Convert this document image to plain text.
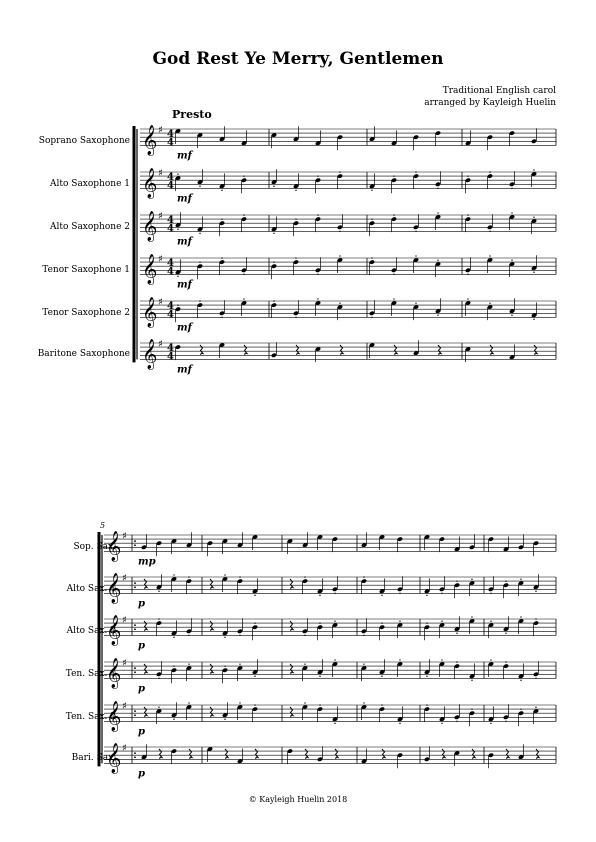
God Rest Ye Merry, Gentlemen
Traditional English carol
arranged by Kayleigh Huelin
Presto
Soprano Saxophone
Alto Saxophone 1
Alto Saxophone 2
Tenor Saxophone 1
Tenor Saxophone 2
Baritone Saxophone
5
Sop. Sax.
Alto Sax. 1
Alto Sax. 2
Ten. Sax. 1
Ten. Sax. 2
Bari. Sax.
© Kayleigh Huelin 2018
𝄞 ♯ 4
4
mf
𝄞 ♯ 4
4
mf
𝄞 ♯ 4
4
mf
𝄞 ♯ 4
4
mf
𝄞 ♯ 4
4
mf
𝄞 ♯ 4
4
mf
𝄞 ♯
mp
𝄞 ♯
p
𝄞 ♯
p
𝄞 ♯
p
𝄞 ♯
p
𝄞 ♯
p
